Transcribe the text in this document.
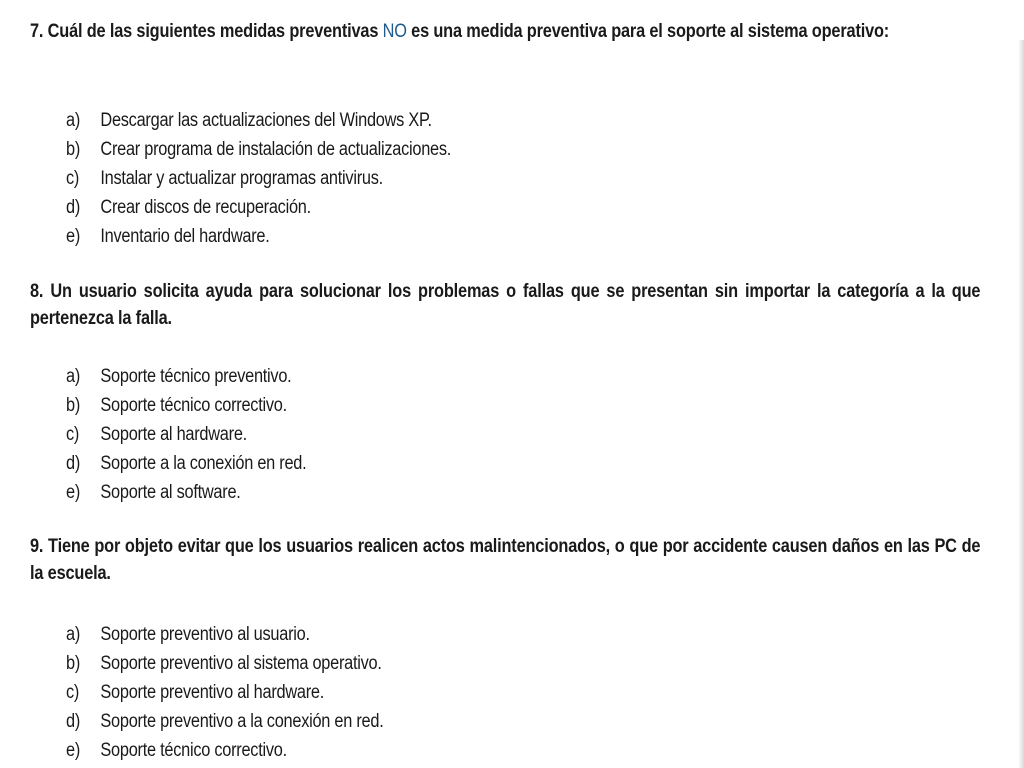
7. Cuál de las siguientes medidas preventivas NO es una medida preventiva para el soporte al sistema operativo:

a) Descargar las actualizaciones del Windows XP.
b) Crear programa de instalación de actualizaciones.
c) Instalar y actualizar programas antivirus.
d) Crear discos de recuperación.
e) Inventario del hardware.

8. Un usuario solicita ayuda para solucionar los problemas o fallas que se presentan sin importar la categoría a la que pertenezca la falla.

a) Soporte técnico preventivo.
b) Soporte técnico correctivo.
c) Soporte al hardware.
d) Soporte a la conexión en red.
e) Soporte al software.

9. Tiene por objeto evitar que los usuarios realicen actos malintencionados, o que por accidente causen daños en las PC de la escuela.

a) Soporte preventivo al usuario.
b) Soporte preventivo al sistema operativo.
c) Soporte preventivo al hardware.
d) Soporte preventivo a la conexión en red.
e) Soporte técnico correctivo.
